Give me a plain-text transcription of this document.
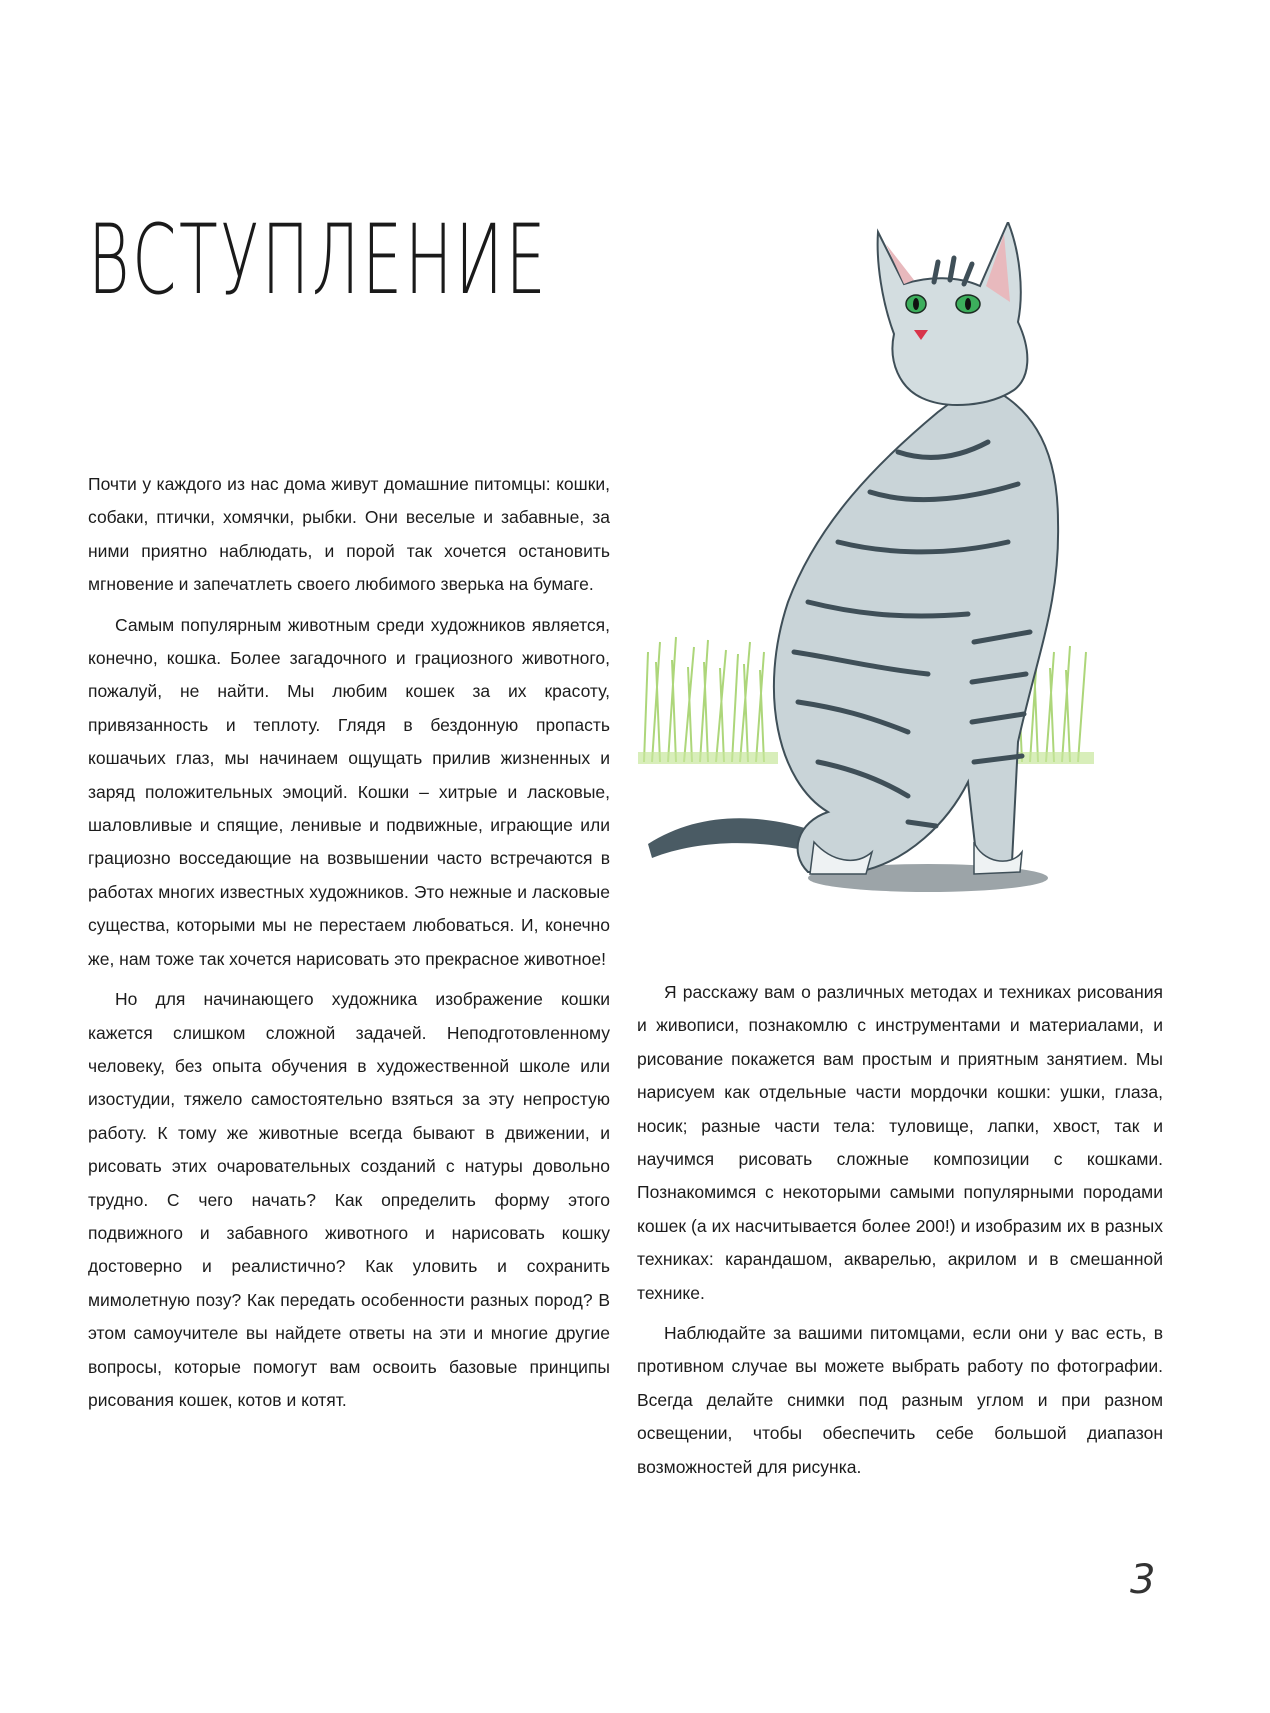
ВСТУПЛЕНИЕ

Почти у каждого из нас дома живут домашние питомцы: кошки, собаки, птички, хомячки, рыбки. Они веселые и забавные, за ними приятно наблюдать, и порой так хочется остановить мгновение и запечатлеть своего любимого зверька на бумаге.

Самым популярным животным среди художников является, конечно, кошка. Более загадочного и грациозного животного, пожалуй, не найти. Мы любим кошек за их красоту, привязанность и теплоту. Глядя в бездонную пропасть кошачьих глаз, мы начинаем ощущать прилив жизненных и заряд положительных эмоций. Кошки – хитрые и ласковые, шаловливые и спящие, ленивые и подвижные, играющие или грациозно восседающие на возвышении часто встречаются в работах многих известных художников. Это нежные и ласковые существа, которыми мы не перестаем любоваться. И, конечно же, нам тоже так хочется нарисовать это прекрасное животное!

Но для начинающего художника изображение кошки кажется слишком сложной задачей. Неподготовленному человеку, без опыта обучения в художественной школе или изостудии, тяжело самостоятельно взяться за эту непростую работу. К тому же животные всегда бывают в движении, и рисовать этих очаровательных созданий с натуры довольно трудно. С чего начать? Как определить форму этого подвижного и забавного животного и нарисовать кошку достоверно и реалистично? Как уловить и сохранить мимолетную позу? Как передать особенности разных пород? В этом самоучителе вы найдете ответы на эти и многие другие вопросы, которые помогут вам освоить базовые принципы рисования кошек, котов и котят.

Я расскажу вам о различных методах и техниках рисования и живописи, познакомлю с инструментами и материалами, и рисование покажется вам простым и приятным занятием. Мы нарисуем как отдельные части мордочки кошки: ушки, глаза, носик; разные части тела: туловище, лапки, хвост, так и научимся рисовать сложные композиции с кошками. Познакомимся с некоторыми самыми популярными породами кошек (а их насчитывается более 200!) и изобразим их в разных техниках: карандашом, акварелью, акрилом и в смешанной технике.

Наблюдайте за вашими питомцами, если они у вас есть, в противном случае вы можете выбрать работу по фотографии. Всегда делайте снимки под разным углом и при разном освещении, чтобы обеспечить себе большой диапазон возможностей для рисунка.

3
